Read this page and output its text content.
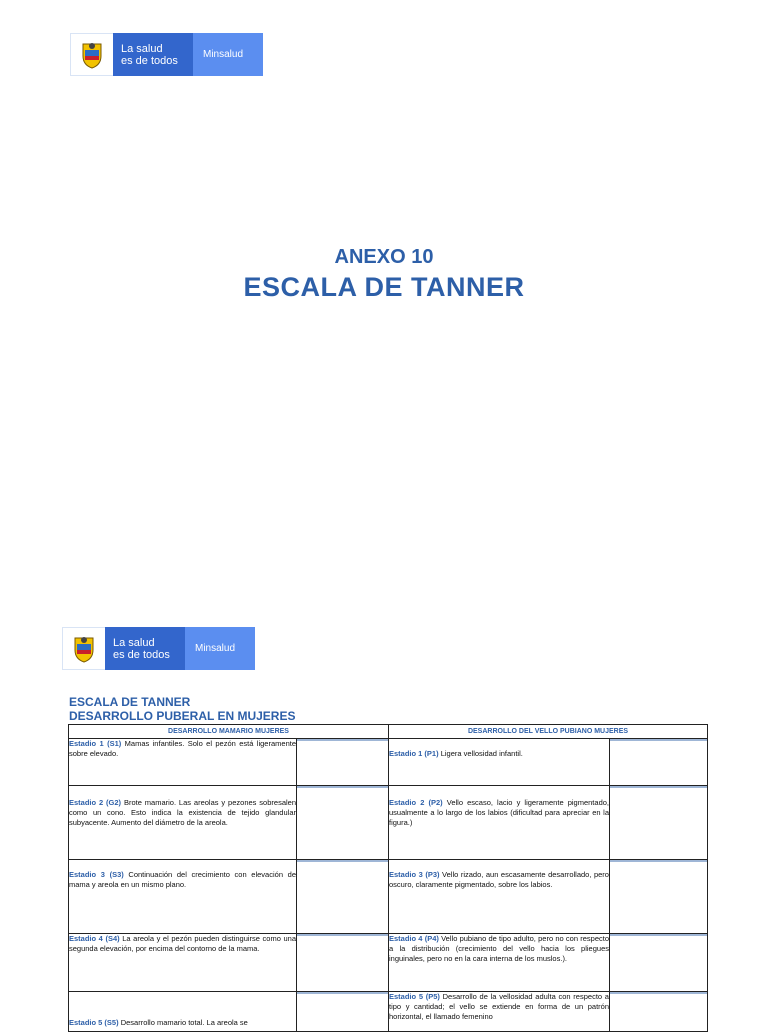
La salud
es de todos
Minsalud
ANEXO 10
ESCALA DE TANNER
La salud
es de todos
Minsalud
ESCALA DE TANNER
DESARROLLO PUBERAL EN MUJERES
DESARROLLO MAMARIO MUJERES		DESARROLLO DEL VELLO PUBIANO MUJERES	
Estadio 1 (S1) Mamas infantiles. Solo el pezón está ligeramente sobre elevado.		Estadio 1 (P1) Ligera vellosidad infantil.	

Estadio 2 (G2) Brote mamario. Las areolas y pezones sobresalen como un cono. Esto indica la existencia de tejido glandular subyacente. Aumento del diámetro de la areola.		Estadio 2 (P2) Vello escaso, lacio y ligeramente pigmentado, usualmente a lo largo de los labios (dificultad para apreciar en la figura.)	

Estadio 3 (S3) Continuación del crecimiento con elevación de mama y areola en un mismo plano.		Estadio 3 (P3) Vello rizado, aun escasamente desarrollado, pero oscuro, claramente pigmentado, sobre los labios.	

Estadio 4 (S4) La areola y el pezón pueden distinguirse como una segunda elevación, por encima del contorno de la mama.		Estadio 4 (P4) Vello pubiano de tipo adulto, pero no con respecto a la distribución (crecimiento del vello hacia los pliegues inguinales, pero no en la cara interna de los muslos.).	

Estadio 5 (S5) Desarrollo mamario total. La areola se		Estadio 5 (P5) Desarrollo de la vellosidad adulta con respecto a tipo y cantidad; el vello se extiende en forma de un patrón horizontal, el llamado femenino	
